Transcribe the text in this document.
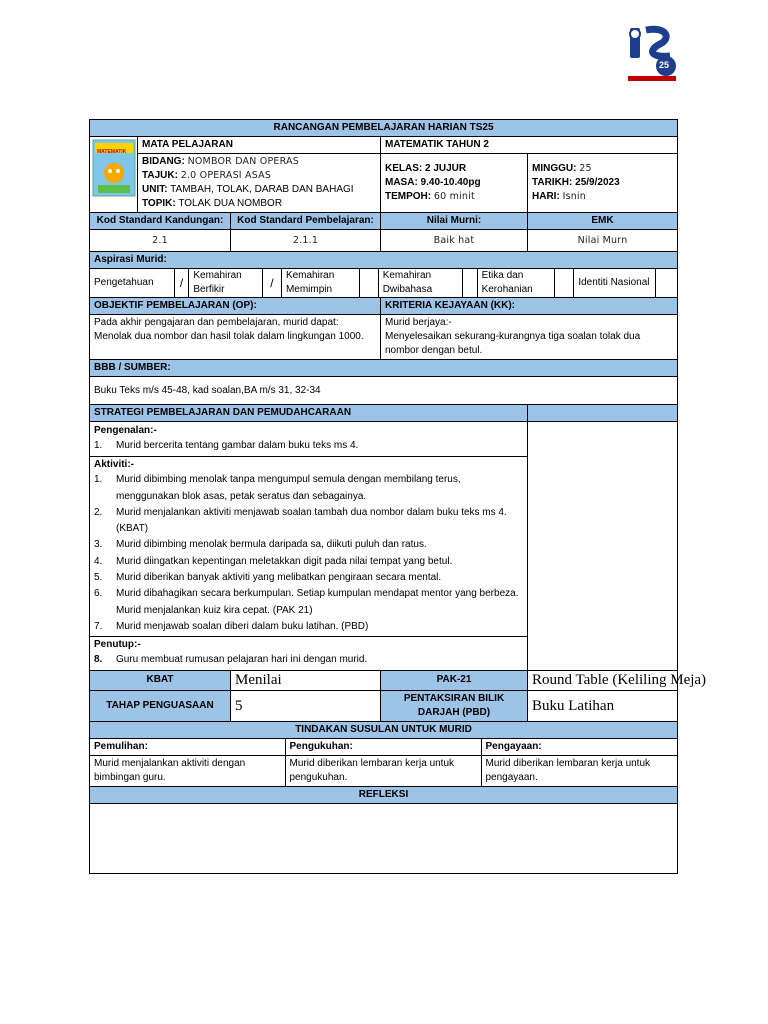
25
RANCANGAN PEMBELAJARAN HARIAN TS25

MATEMATIK
	MATA PELAJARAN	MATEMATIK TAHUN 2

BIDANG: NOMBOR DAN OPERAS
TAJUK: 2.0 OPERASI ASAS
UNIT: TAMBAH, TOLAK, DARAB DAN BAHAGI
TOPIK: TOLAK DUA NOMBOR

KELAS: 2 JUJUR
MASA: 9.40-10.40pg
TEMPOH: 60 minit

MINGGU: 25
TARIKH: 25/9/2023
HARI: Isnin

Kod Standard Kandungan:	Kod Standard Pembelajaran:	Nilai Murni:	EMK
2.1	2.1.1	Baik hat	Nilai Murn
Aspirasi Murid:

Pengetahuan	/	Kemahiran Berfikir	/	Kemahiran Memimpin		Kemahiran Dwibahasa		Etika dan Kerohanian		Identiti Nasional	

OBJEKTIF PEMBELAJARAN (OP):	KRITERIA KEJAYAAN (KK):
Pada akhir pengajaran dan pembelajaran, murid dapat: Menolak dua nombor dan hasil tolak dalam lingkungan 1000.	
Murid berjaya:-
Menyelesaikan sekurang-kurangnya tiga soalan tolak dua nombor dengan betul.

BBB / SUMBER:
Buku Teks m/s 45-48, kad soalan,BA m/s 31, 32-34
STRATEGI PEMBELAJARAN DAN PEMUDAHCARAAN	

Pengenalan:-
1.	Murid bercerita tentang gambar dalam buku teks ms 4.
Aktiviti:-
1.	Murid dibimbing menolak tanpa mengumpul semula dengan membilang terus, menggunakan blok asas, petak seratus dan sebagainya.
2.	Murid menjalankan aktiviti menjawab soalan tambah dua nombor dalam buku teks ms 4. (KBAT)
3.	Murid dibimbing menolak bermula daripada sa, diikuti puluh dan ratus.
4.	Murid diingatkan kepentingan meletakkan digit pada nilai tempat yang betul.
5.	Murid diberikan banyak aktiviti yang melibatkan pengiraan secara mental.
6.	Murid dibahagikan secara berkumpulan. Setiap kumpulan mendapat mentor yang berbeza. Murid menjalankan kuiz kira cepat. (PAK 21)
7.	Murid menjawab soalan diberi dalam buku latihan. (PBD)
Penutup:-
8.	Guru membuat rumusan pelajaran hari ini dengan murid.

KBAT	Menilai	PAK-21	Round Table (Keliling Meja)
TAHAP PENGUASAAN	5	PENTAKSIRAN BILIK DARJAH (PBD)	Buku Latihan
TINDAKAN SUSULAN UNTUK MURID

Pemulihan:	Pengukuhan:	Pengayaan:
Murid menjalankan aktiviti dengan bimbingan guru.	Murid diberikan lembaran kerja untuk pengukuhan.	Murid diberikan lembaran kerja untuk pengayaan.

REFLEKSI
